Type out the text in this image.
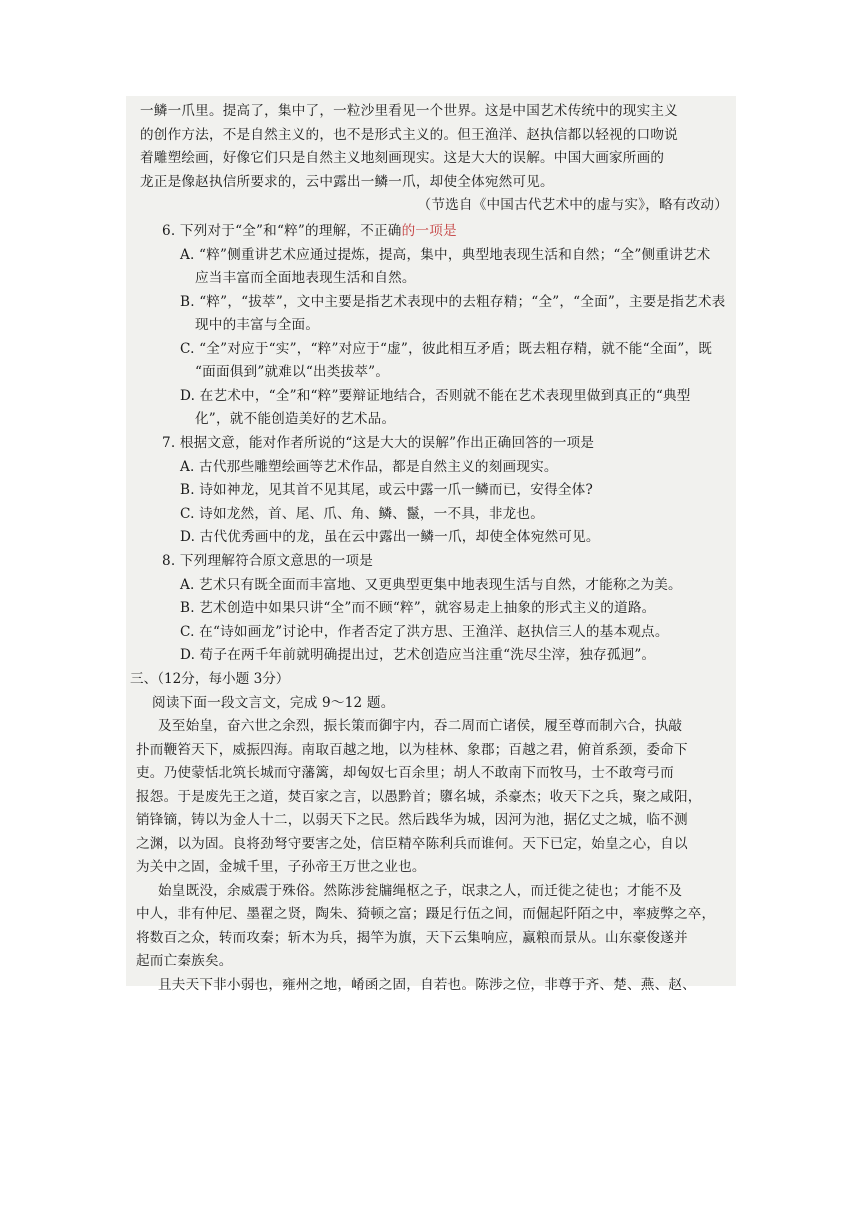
一鳞一爪里。提高了，集中了，一粒沙里看见一个世界。这是中国艺术传统中的现实主义
的创作方法，不是自然主义的，也不是形式主义的。但王渔洋、赵执信都以轻视的口吻说
着雕塑绘画，好像它们只是自然主义地刻画现实。这是大大的误解。中国大画家所画的
龙正是像赵执信所要求的，云中露出一鳞一爪，却使全体宛然可见。
（节选自《中国古代艺术中的虚与实》，略有改动）
6. 下列对于“全”和“粹”的理解，不正确的一项是
A. “粹”侧重讲艺术应通过提炼，提高，集中，典型地表现生活和自然；“全”侧重讲艺术
应当丰富而全面地表现生活和自然。
B. “粹”，“拔萃”，文中主要是指艺术表现中的去粗存精；“全”，“全面”，主要是指艺术表
现中的丰富与全面。
C. “全”对应于“实”，“粹”对应于“虚”，彼此相互矛盾；既去粗存精，就不能“全面”，既
“面面俱到”就难以“出类拔萃”。
D. 在艺术中，“全”和“粹”要辩证地结合，否则就不能在艺术表现里做到真正的“典型
化”，就不能创造美好的艺术品。
7. 根据文意，能对作者所说的“这是大大的误解”作出正确回答的一项是
A. 古代那些雕塑绘画等艺术作品，都是自然主义的刻画现实。
B. 诗如神龙，见其首不见其尾，或云中露一爪一鳞而已，安得全体?
C. 诗如龙然，首、尾、爪、角、鳞、鬣，一不具，非龙也。
D. 古代优秀画中的龙，虽在云中露出一鳞一爪，却使全体宛然可见。
8. 下列理解符合原文意思的一项是
A. 艺术只有既全面而丰富地、又更典型更集中地表现生活与自然，才能称之为美。
B. 艺术创造中如果只讲“全”而不顾“粹”，就容易走上抽象的形式主义的道路。
C. 在“诗如画龙”讨论中，作者否定了洪方思、王渔洋、赵执信三人的基本观点。
D. 荀子在两千年前就明确提出过，艺术创造应当注重“洗尽尘滓，独存孤迥”。
三、（12分，每小题 3分）
阅读下面一段文言文，完成 9～12 题。
及至始皇，奋六世之余烈，振长策而御宇内，吞二周而亡诸侯，履至尊而制六合，执敲
扑而鞭笞天下，威振四海。南取百越之地，以为桂林、象郡；百越之君，俯首系颈，委命下
吏。乃使蒙恬北筑长城而守藩篱，却匈奴七百余里；胡人不敢南下而牧马，士不敢弯弓而
报怨。于是废先王之道，焚百家之言，以愚黔首；隳名城，杀豪杰；收天下之兵，聚之咸阳，
销锋镝，铸以为金人十二，以弱天下之民。然后践华为城，因河为池，据亿丈之城，临不测
之渊，以为固。良将劲弩守要害之处，信臣精卒陈利兵而谁何。天下已定，始皇之心，自以
为关中之固，金城千里，子孙帝王万世之业也。
始皇既没，余威震于殊俗。然陈涉瓮牖绳枢之子，氓隶之人，而迁徙之徒也；才能不及
中人，非有仲尼、墨翟之贤，陶朱、猗顿之富；蹑足行伍之间，而倔起阡陌之中，率疲弊之卒，
将数百之众，转而攻秦；斩木为兵，揭竿为旗，天下云集响应，赢粮而景从。山东豪俊遂并
起而亡秦族矣。
且夫天下非小弱也，雍州之地，崤函之固，自若也。陈涉之位，非尊于齐、楚、燕、赵、
